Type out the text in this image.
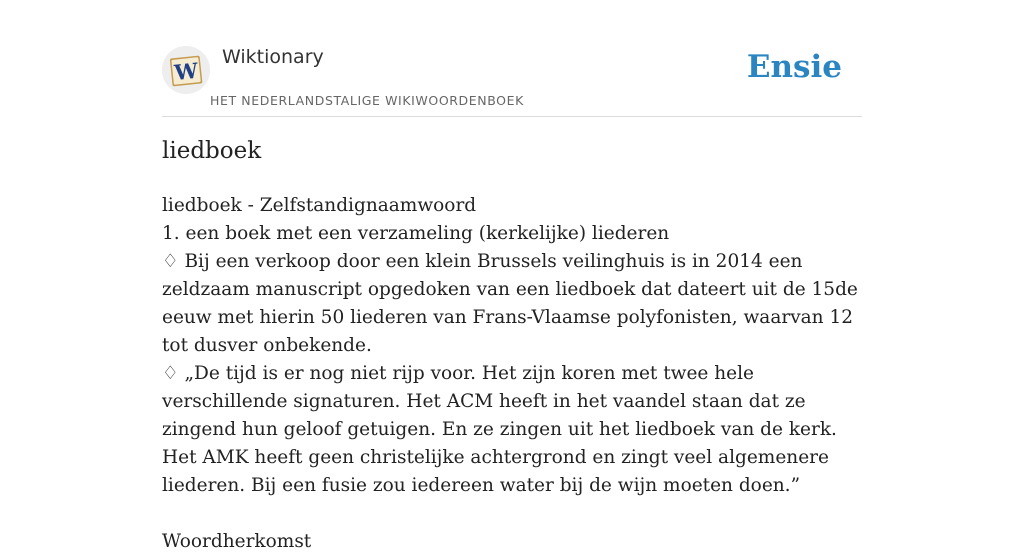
W
Wiktionary
HET NEDERLANDSTALIGE WIKIWOORDENBOEK
Ensie
liedboek

liedboek - Zelfstandignaamwoord

1. een boek met een verzameling (kerkelijke) liederen

♢ Bij een verkoop door een klein Brussels veilinghuis is in 2014 een zeldzaam manuscript opgedoken van een liedboek dat dateert uit de 15de eeuw met hierin 50 liederen van Frans-Vlaamse polyfonisten, waarvan 12 tot dusver onbekende.

♢ „De tijd is er nog niet rijp voor. Het zijn koren met twee hele verschillende signaturen. Het ACM heeft in het vaandel staan dat ze zingend hun geloof getuigen. En ze zingen uit het liedboek van de kerk. Het AMK heeft geen christelijke achtergrond en zingt veel algemenere liederen. Bij een fusie zou iedereen water bij de wijn moeten doen.”

Woordherkomst
